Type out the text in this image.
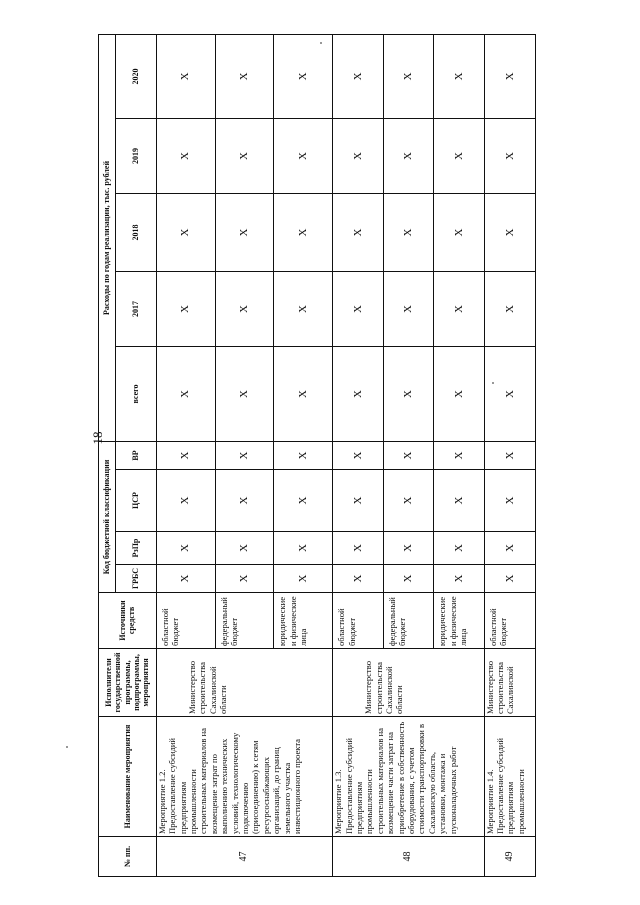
18
№ пп.	Наименование мероприятия	Исполнители государственной программы, подпрограммы, мероприятия	Источники средств	Код бюджетной классификации				Расходы по годам реализации, тыс. рублей				
				ГРБС	РзПр	ЦСР	ВР	всего	2017	2018	2019	2020
47	Мероприятие 1.2. Предоставление субсидий предприятиям промышленности строительных материалов на возмещение затрат по выполнению технических условий, технологическому подключению (присоединению) к сетям ресурсоснабжающих организаций, до границ земельного участка инвестиционного проекта	Министерство строительства Сахалинской области	областной бюджет	X	X	X	X	X	X	X	X	X
			федеральный бюджет	X	X	X	X	X	X	X	X	X
			юридические и физические лица	X	X	X	X	X	X	X	X	X
48	Мероприятие 1.3. Предоставление субсидий предприятиям промышленности строительных материалов на возмещение части затрат на приобретение в собственность оборудования, с учетом стоимости транспортировки в Сахалинскую область, установки, монтажа и пусконаладочных работ	Министерство строительства Сахалинской области	областной бюджет	X	X	X	X	X	X	X	X	X
			федеральный бюджет	X	X	X	X	X	X	X	X	X
			юридические и физические лица	X	X	X	X	X	X	X	X	X
49	Мероприятие 1.4. Предоставление субсидий предприятиям промышленности	Министерство строительства Сахалинской	областной бюджет	X	X	X	X	X	X	X	X	X
